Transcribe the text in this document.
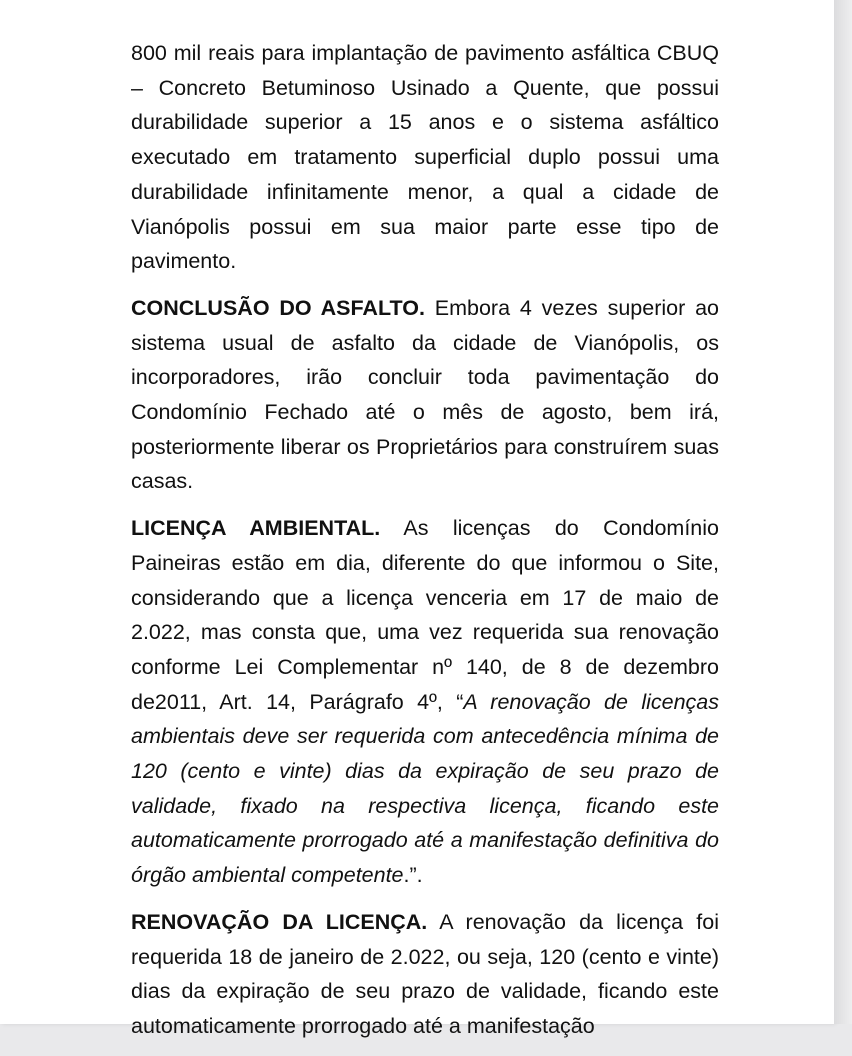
800 mil reais para implantação de pavimento asfáltica CBUQ – Concreto Betuminoso Usinado a Quente, que possui durabilidade superior a 15 anos e o sistema asfáltico executado em tratamento superficial duplo possui uma durabilidade infinitamente menor, a qual a cidade de Vianópolis possui em sua maior parte esse tipo de pavimento.

CONCLUSÃO DO ASFALTO. Embora 4 vezes superior ao sistema usual de asfalto da cidade de Vianópolis, os incorporadores, irão concluir toda pavimentação do Condomínio Fechado até o mês de agosto, bem irá, posteriormente liberar os Proprietários para construírem suas casas.

LICENÇA AMBIENTAL. As licenças do Condomínio Paineiras estão em dia, diferente do que informou o Site, considerando que a licença venceria em 17 de maio de 2.022, mas consta que, uma vez requerida sua renovação conforme Lei Complementar nº 140, de 8 de dezembro de2011, Art. 14, Parágrafo 4º, “A renovação de licenças ambientais deve ser requerida com antecedência mínima de 120 (cento e vinte) dias da expiração de seu prazo de validade, fixado na respectiva licença, ficando este automaticamente prorrogado até a manifestação definitiva do órgão ambiental competente.”.

RENOVAÇÃO DA LICENÇA. A renovação da licença foi requerida 18 de janeiro de 2.022, ou seja, 120 (cento e vinte) dias da expiração de seu prazo de validade, ficando este automaticamente prorrogado até a manifestação
